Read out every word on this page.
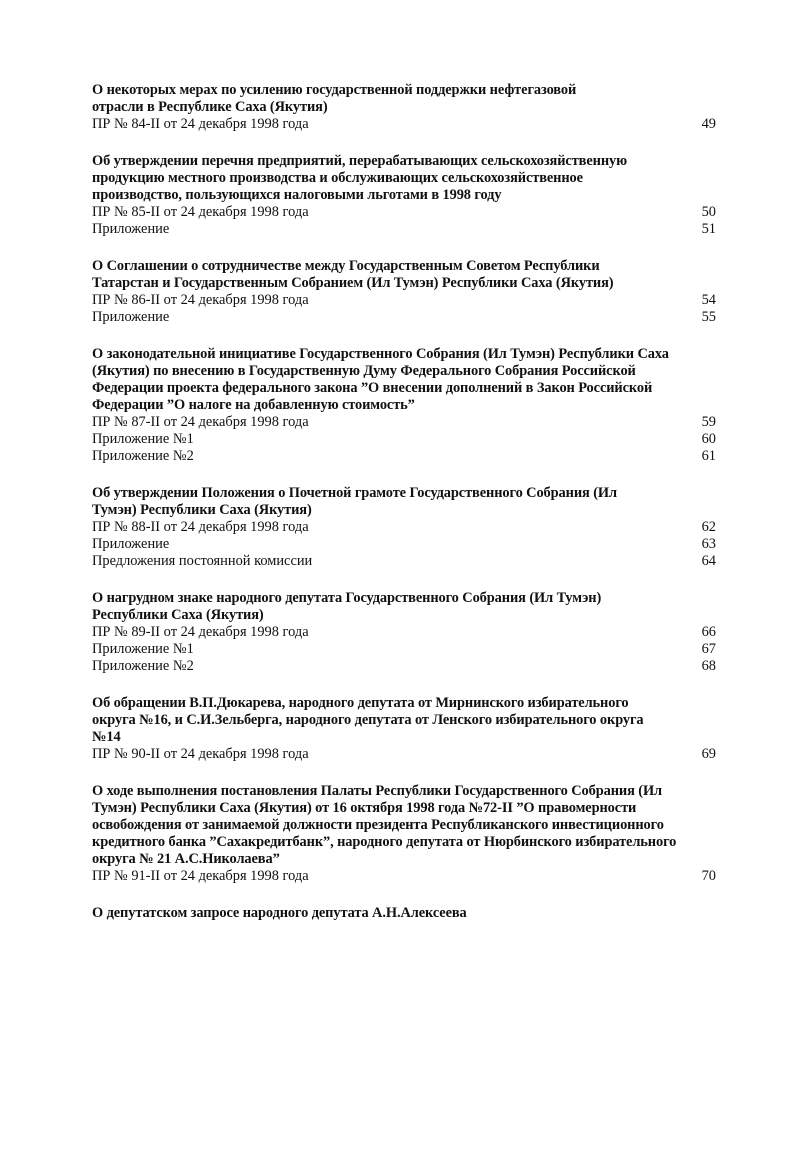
О некоторых мерах по усилению государственной поддержки нефтегазовой отрасли в Республике Саха (Якутия)
ПР № 84-II от 24 декабря 1998 года	49
Об утверждении перечня предприятий, перерабатывающих сельскохозяйственную продукцию местного производства и обслуживающих сельскохозяйственное производство, пользующихся налоговыми льготами в 1998 году
ПР № 85-II от 24 декабря 1998 года	50
Приложение	51
О Соглашении о сотрудничестве между Государственным Советом Республики Татарстан и Государственным Собранием (Ил Тумэн) Республики Саха (Якутия)
ПР № 86-II от 24 декабря 1998 года	54
Приложение	55
О законодательной инициативе Государственного Собрания (Ил Тумэн) Республики Саха (Якутия) по внесению в Государственную Думу Федерального Собрания Российской Федерации проекта федерального закона ”О внесении дополнений в Закон Российской Федерации ”О налоге на добавленную стоимость”
ПР № 87-II от 24 декабря 1998 года	59
Приложение №1	60
Приложение №2	61
Об утверждении Положения о Почетной грамоте Государственного Собрания (Ил Тумэн) Республики Саха (Якутия)
ПР № 88-II от 24 декабря 1998 года	62
Приложение	63
Предложения постоянной комиссии	64
О нагрудном знаке народного депутата Государственного Собрания (Ил Тумэн) Республики Саха (Якутия)
ПР № 89-II от 24 декабря 1998 года	66
Приложение №1	67
Приложение №2	68
Об обращении В.П.Дюкарева, народного депутата от Мирнинского избирательного округа №16, и С.И.Зельберга, народного депутата от Ленского избирательного округа №14
ПР № 90-II от 24 декабря 1998 года	69
О ходе выполнения постановления Палаты Республики Государственного Собрания (Ил Тумэн) Республики Саха (Якутия) от 16 октября 1998 года №72-II ”О правомерности освобождения от занимаемой должности президента Республиканского инвестиционного кредитного банка ”Сахакредитбанк”, народного депутата от Нюрбинского избирательного округа № 21 А.С.Николаева”
ПР № 91-II от 24 декабря 1998 года	70
О депутатском запросе народного депутата А.Н.Алексеева
